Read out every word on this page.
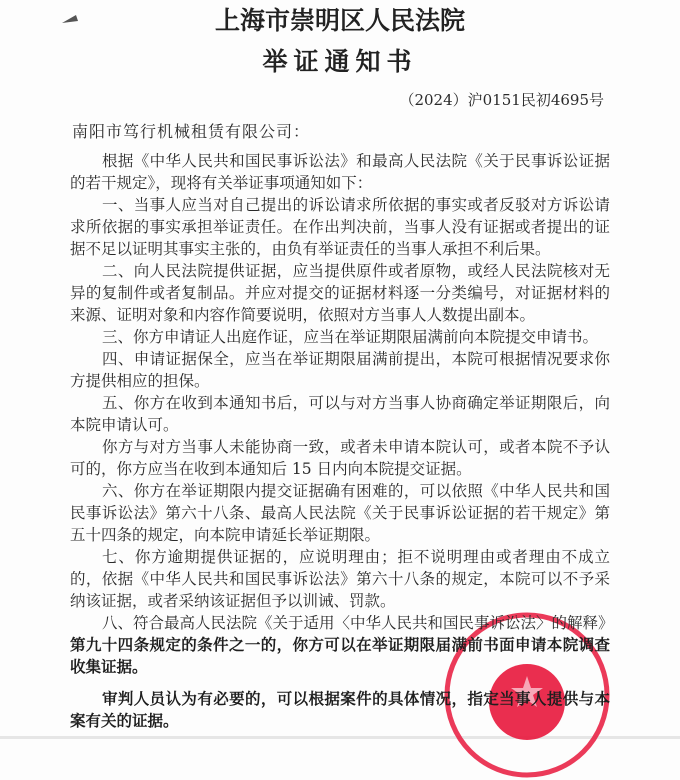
上海市崇明区人民法院
举证通知书
（2024）沪0151民初4695号
南阳市笃行机械租赁有限公司：
根据《中华人民共和国民事诉讼法》和最高人民法院《关于民事诉讼证据
的若干规定》，现将有关举证事项通知如下：
一、当事人应当对自己提出的诉讼请求所依据的事实或者反驳对方诉讼请
求所依据的事实承担举证责任。在作出判决前，当事人没有证据或者提出的证
据不足以证明其事实主张的，由负有举证责任的当事人承担不利后果。
二、向人民法院提供证据，应当提供原件或者原物，或经人民法院核对无
异的复制件或者复制品。并应对提交的证据材料逐一分类编号，对证据材料的
来源、证明对象和内容作简要说明，依照对方当事人人数提出副本。
三、你方申请证人出庭作证，应当在举证期限届满前向本院提交申请书。
四、申请证据保全，应当在举证期限届满前提出，本院可根据情况要求你
方提供相应的担保。
五、你方在收到本通知书后，可以与对方当事人协商确定举证期限后，向
本院申请认可。
你方与对方当事人未能协商一致，或者未申请本院认可，或者本院不予认
可的，你方应当在收到本通知后 15 日内向本院提交证据。
六、你方在举证期限内提交证据确有困难的，可以依照《中华人民共和国
民事诉讼法》第六十八条、最高人民法院《关于民事诉讼证据的若干规定》第
五十四条的规定，向本院申请延长举证期限。
七、你方逾期提供证据的，应说明理由；拒不说明理由或者理由不成立
的，依据《中华人民共和国民事诉讼法》第六十八条的规定，本院可以不予采
纳该证据，或者采纳该证据但予以训诫、罚款。
八、符合最高人民法院《关于适用〈中华人民共和国民事诉讼法〉的解释》
第九十四条规定的条件之一的，你方可以在举证期限届满前书面申请本院调查
收集证据。
审判人员认为有必要的，可以根据案件的具体情况，指定当事人提供与本
案有关的证据。
